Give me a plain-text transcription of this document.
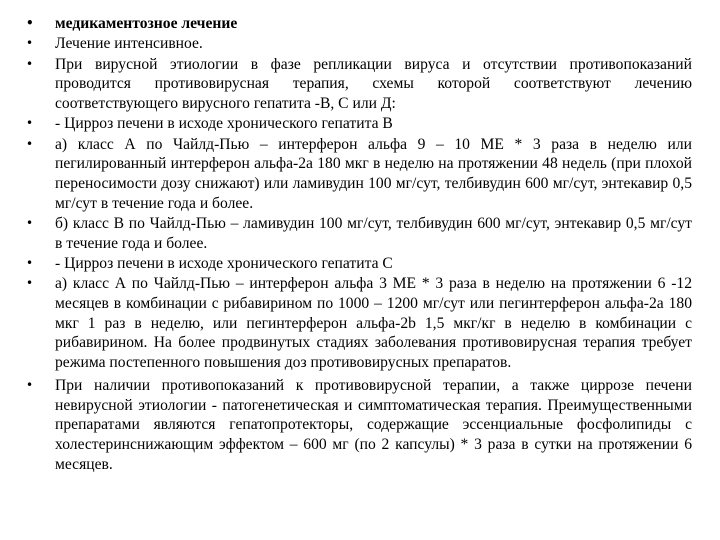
• медикаментозное лечение
• Лечение интенсивное.
• При вирусной этиологии в фазе репликации вируса и отсутствии противопоказаний проводится противовирусная терапия, схемы которой соответствуют лечению соответствующего вирусного гепатита -В, С или Д:
• - Цирроз печени в исходе хронического гепатита В
• а) класс А по Чайлд-Пью – интерферон альфа 9 – 10 МЕ * 3 раза в неделю или пегилированный интерферон альфа-2а 180 мкг в неделю на протяжении 48 недель (при плохой переносимости дозу снижают) или ламивудин 100 мг/сут, телбивудин 600 мг/сут, энтекавир 0,5 мг/сут в течение года и более.
• б) класс В по Чайлд-Пью – ламивудин 100 мг/сут, телбивудин 600 мг/сут, энтекавир 0,5 мг/сут в течение года и более.
• - Цирроз печени в исходе хронического гепатита С
• а) класс А по Чайлд-Пью – интерферон альфа 3 МЕ * 3 раза в неделю на протяжении 6 -12 месяцев в комбинации с рибавирином по 1000 – 1200 мг/сут или пегинтерферон альфа-2а 180 мкг 1 раз в неделю, или пегинтерферон альфа-2b 1,5 мкг/кг в неделю в комбинации с рибавирином. На более продвинутых стадиях заболевания противовирусная терапия требует режима постепенного повышения доз противовирусных препаратов.
• При наличии противопоказаний к противовирусной терапии, а также циррозе печени невирусной этиологии - патогенетическая и симптоматическая терапия. Преимущественными препаратами являются гепатопротекторы, содержащие эссенциальные фосфолипиды с холестеринснижающим эффектом – 600 мг (по 2 капсулы) * 3 раза в сутки на протяжении 6 месяцев.
